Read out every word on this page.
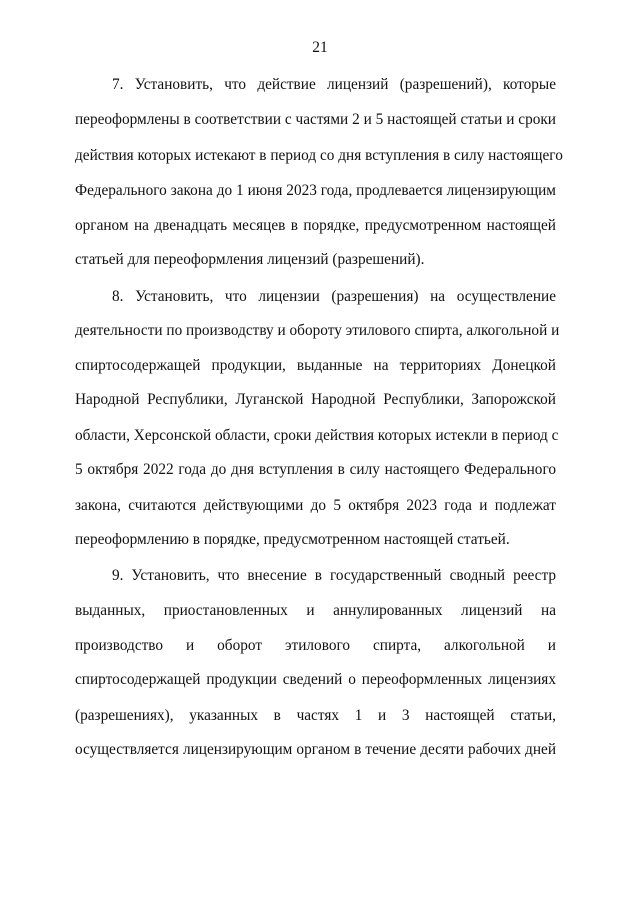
21
7. Установить, что действие лицензий (разрешений), которые
переоформлены в соответствии с частями 2 и 5 настоящей статьи и сроки
действия которых истекают в период со дня вступления в силу настоящего
Федерального закона до 1 июня 2023 года, продлевается лицензирующим
органом на двенадцать месяцев в порядке, предусмотренном настоящей
статьей для переоформления лицензий (разрешений).
8. Установить, что лицензии (разрешения) на осуществление
деятельности по производству и обороту этилового спирта, алкогольной и
спиртосодержащей продукции, выданные на территориях Донецкой
Народной Республики, Луганской Народной Республики, Запорожской
области, Херсонской области, сроки действия которых истекли в период с
5 октября 2022 года до дня вступления в силу настоящего Федерального
закона, считаются действующими до 5 октября 2023 года и подлежат
переоформлению в порядке, предусмотренном настоящей статьей.
9. Установить, что внесение в государственный сводный реестр
выданных, приостановленных и аннулированных лицензий на
производство и оборот этилового спирта, алкогольной и
спиртосодержащей продукции сведений о переоформленных лицензиях
(разрешениях), указанных в частях 1 и 3 настоящей статьи,
осуществляется лицензирующим органом в течение десяти рабочих дней
